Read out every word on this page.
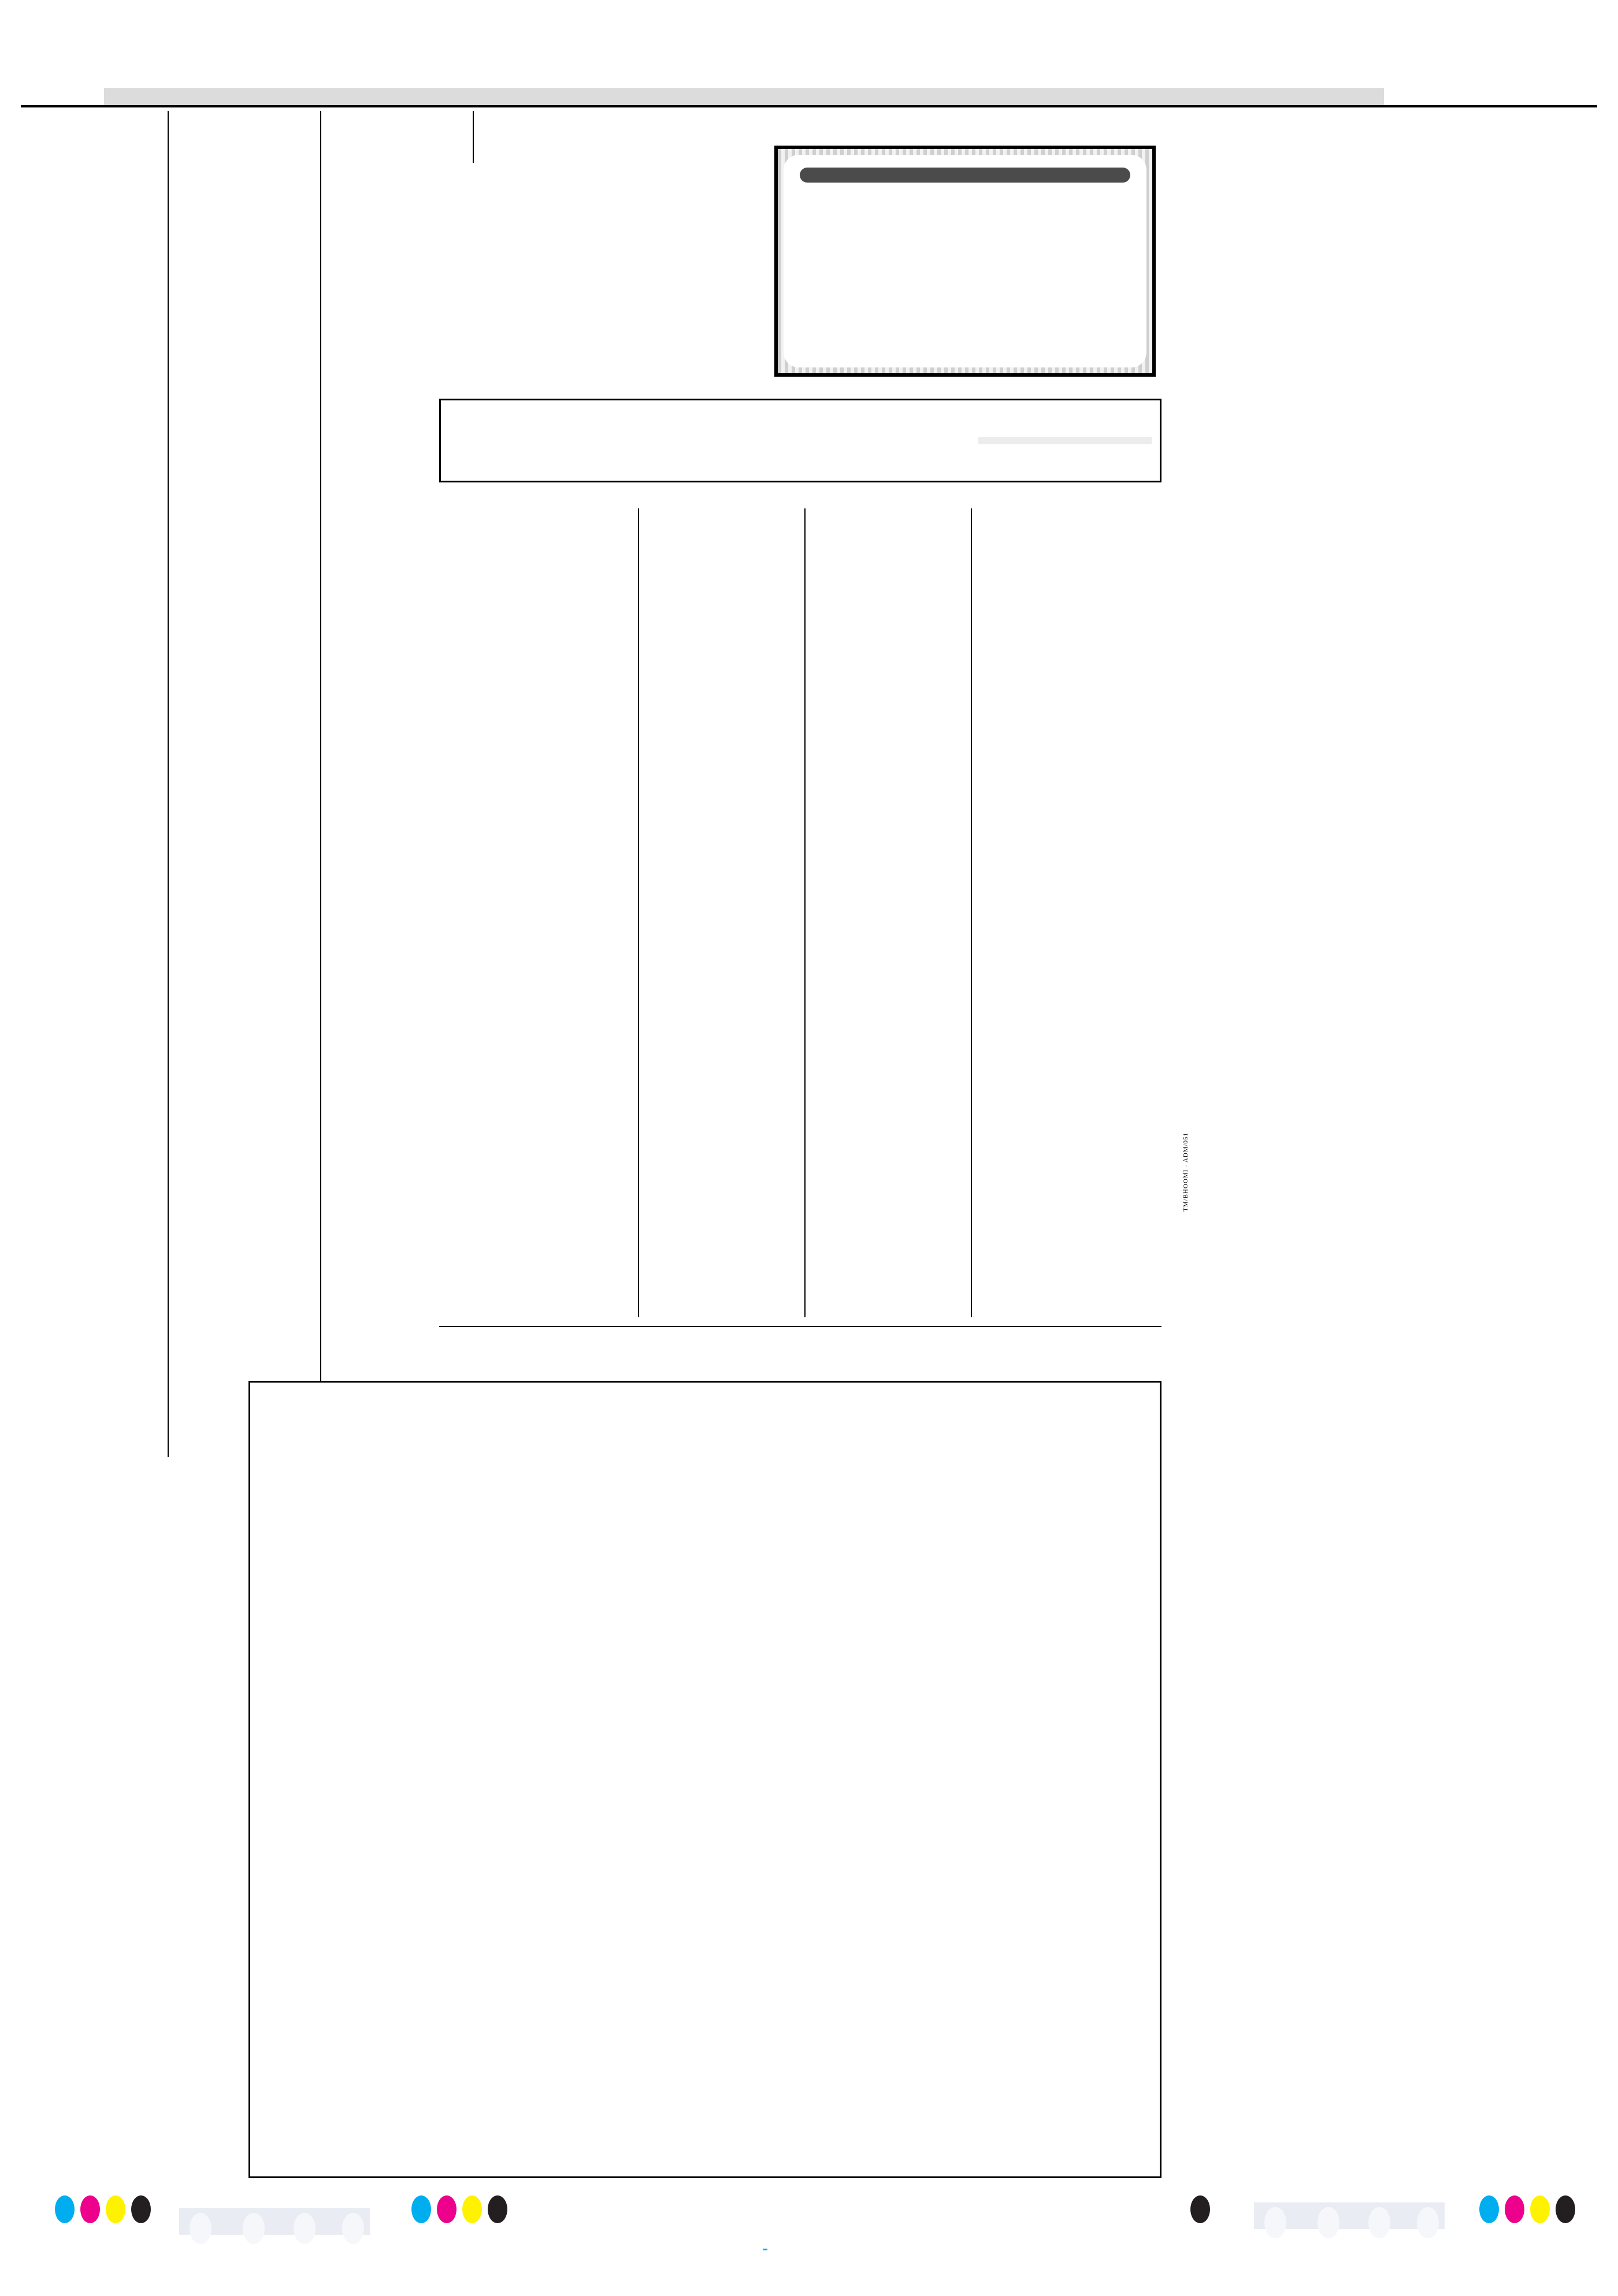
TM/BHOOMI - ADM/051
